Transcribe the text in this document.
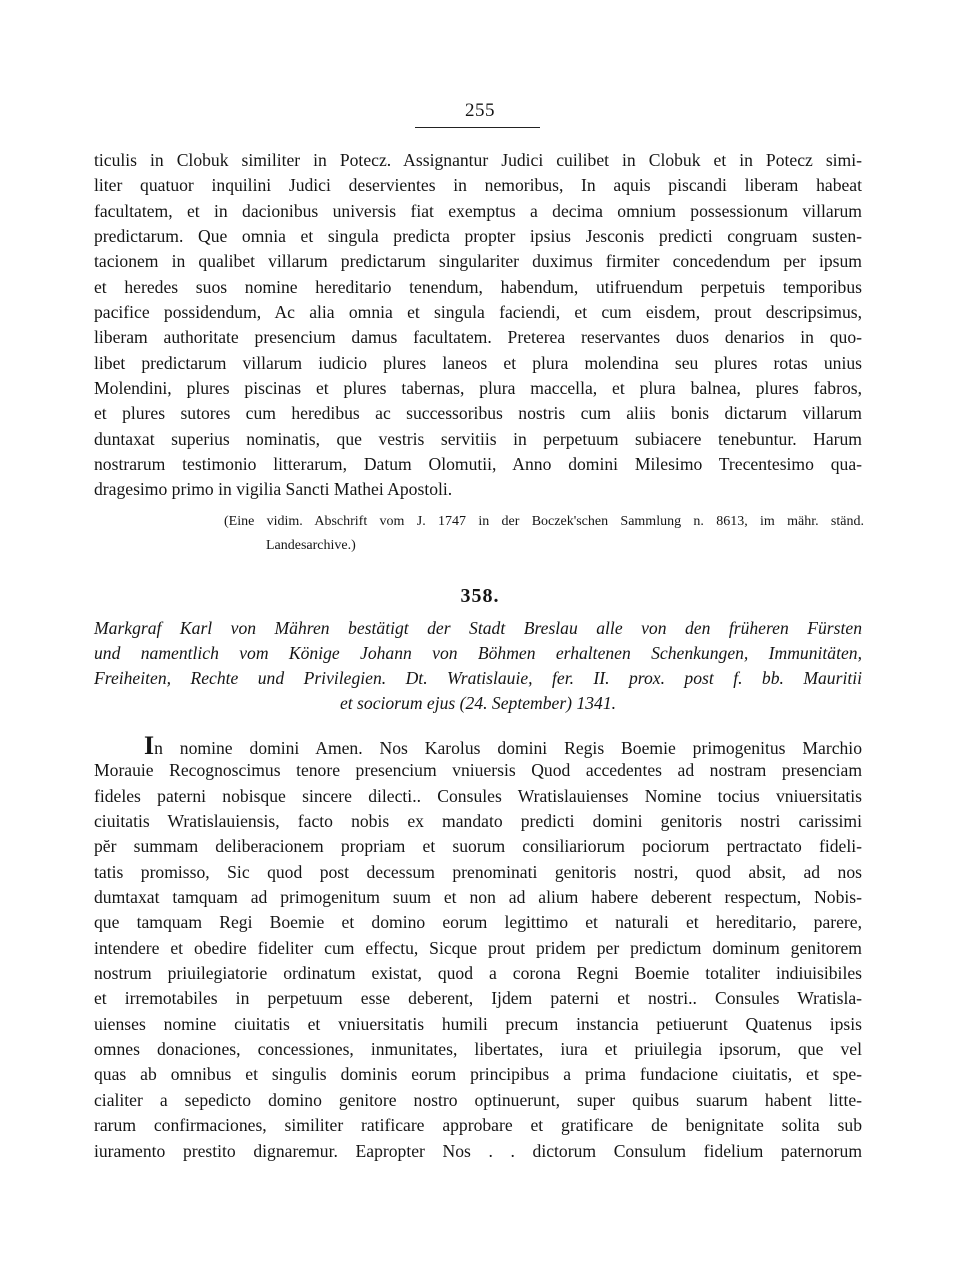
255
ticulis in Clobuk similiter in Potecz. Assignantur Judici cuilibet in Clobuk et in Potecz simi-
liter quatuor inquilini Judici deservientes in nemoribus, In aquis piscandi liberam habeat
facultatem, et in dacionibus universis fiat exemptus a decima omnium possessionum villarum
predictarum. Que omnia et singula predicta propter ipsius Jesconis predicti congruam susten-
tacionem in qualibet villarum predictarum singulariter duximus firmiter concedendum per ipsum
et heredes suos nomine hereditario tenendum, habendum, utifruendum perpetuis temporibus
pacifice possidendum, Ac alia omnia et singula faciendi, et cum eisdem, prout descripsimus,
liberam authoritate presencium damus facultatem. Preterea reservantes duos denarios in quo-
libet predictarum villarum iudicio plures laneos et plura molendina seu plures rotas unius
Molendini, plures piscinas et plures tabernas, plura maccella, et plura balnea, plures fabros,
et plures sutores cum heredibus ac successoribus nostris cum aliis bonis dictarum villarum
duntaxat superius nominatis, que vestris servitiis in perpetuum subiacere tenebuntur. Harum
nostrarum testimonio litterarum, Datum Olomutii, Anno domini Milesimo Trecentesimo qua-
dragesimo primo in vigilia Sancti Mathei Apostoli.
(Eine vidim. Abschrift vom J. 1747 in der Boczek'schen Sammlung n. 8613, im mähr. ständ.
Landesarchive.)
358.
Markgraf Karl von Mähren bestätigt der Stadt Breslau alle von den früheren Fürsten
und namentlich vom Könige Johann von Böhmen erhaltenen Schenkungen, Immunitäten,
Freiheiten, Rechte und Privilegien. Dt. Wratislauie, fer. II. prox. post f. bb. Mauritii
et sociorum ejus (24. September) 1341.
In nomine domini Amen. Nos Karolus domini Regis Boemie primogenitus Marchio
Morauie Recognoscimus tenore presencium vniuersis Quod accedentes ad nostram presenciam
fideles paterni nobisque sincere dilecti.. Consules Wratislauienses Nomine tocius vniuersitatis
ciuitatis Wratislauiensis, facto nobis ex mandato predicti domini genitoris nostri carissimi
pĕr summam deliberacionem propriam et suorum consiliariorum pociorum pertractato fideli-
tatis promisso, Sic quod post decessum prenominati genitoris nostri, quod absit, ad nos
dumtaxat tamquam ad primogenitum suum et non ad alium habere deberent respectum, Nobis-
que tamquam Regi Boemie et domino eorum legittimo et naturali et hereditario, parere,
intendere et obedire fideliter cum effectu, Sicque prout pridem per predictum dominum genitorem
nostrum priuilegiatorie ordinatum existat, quod a corona Regni Boemie totaliter indiuisibiles
et irremotabiles in perpetuum esse deberent, Ijdem paterni et nostri.. Consules Wratisla-
uienses nomine ciuitatis et vniuersitatis humili precum instancia petiuerunt Quatenus ipsis
omnes donaciones, concessiones, inmunitates, libertates, iura et priuilegia ipsorum, que vel
quas ab omnibus et singulis dominis eorum principibus a prima fundacione ciuitatis, et spe-
cialiter a sepedicto domino genitore nostro optinuerunt, super quibus suarum habent litte-
rarum confirmaciones, similiter ratificare approbare et gratificare de benignitate solita sub
iuramento prestito dignaremur. Eapropter Nos . . dictorum Consulum fidelium paternorum
